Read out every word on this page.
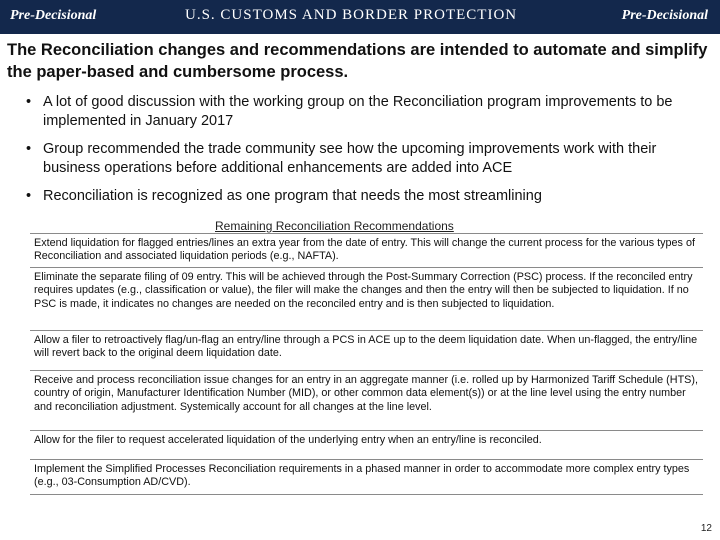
Pre-Decisional	U.S. CUSTOMS AND BORDER PROTECTION	Pre-Decisional
The Reconciliation changes and recommendations are intended to automate and simplify the paper-based and cumbersome process.
• A lot of good discussion with the working group on the Reconciliation program improvements to be implemented in January 2017
• Group recommended the trade community see how the upcoming improvements work with their business operations before additional enhancements are added into ACE
• Reconciliation is recognized as one program that needs the most streamlining
Remaining Reconciliation Recommendations
Extend liquidation for flagged entries/lines an extra year from the date of entry. This will change the current process for the various types of Reconciliation and associated liquidation periods (e.g., NAFTA).
Eliminate the separate filing of 09 entry. This will be achieved through the Post-Summary Correction (PSC) process. If the reconciled entry requires updates (e.g., classification or value), the filer will make the changes and then the entry will then be subjected to liquidation. If no PSC is made, it indicates no changes are needed on the reconciled entry and is then subjected to liquidation.
Allow a filer to retroactively flag/un-flag an entry/line through a PCS in ACE up to the deem liquidation date. When un-flagged, the entry/line will revert back to the original deem liquidation date.
Receive and process reconciliation issue changes for an entry in an aggregate manner (i.e. rolled up by Harmonized Tariff Schedule (HTS), country of origin, Manufacturer Identification Number (MID), or other common data element(s)) or at the line level using the entry number and reconciliation adjustment. Systemically account for all changes at the line level.
Allow for the filer to request accelerated liquidation of the underlying entry when an entry/line is reconciled.
Implement the Simplified Processes Reconciliation requirements in a phased manner in order to accommodate more complex entry types (e.g., 03-Consumption AD/CVD).
12
